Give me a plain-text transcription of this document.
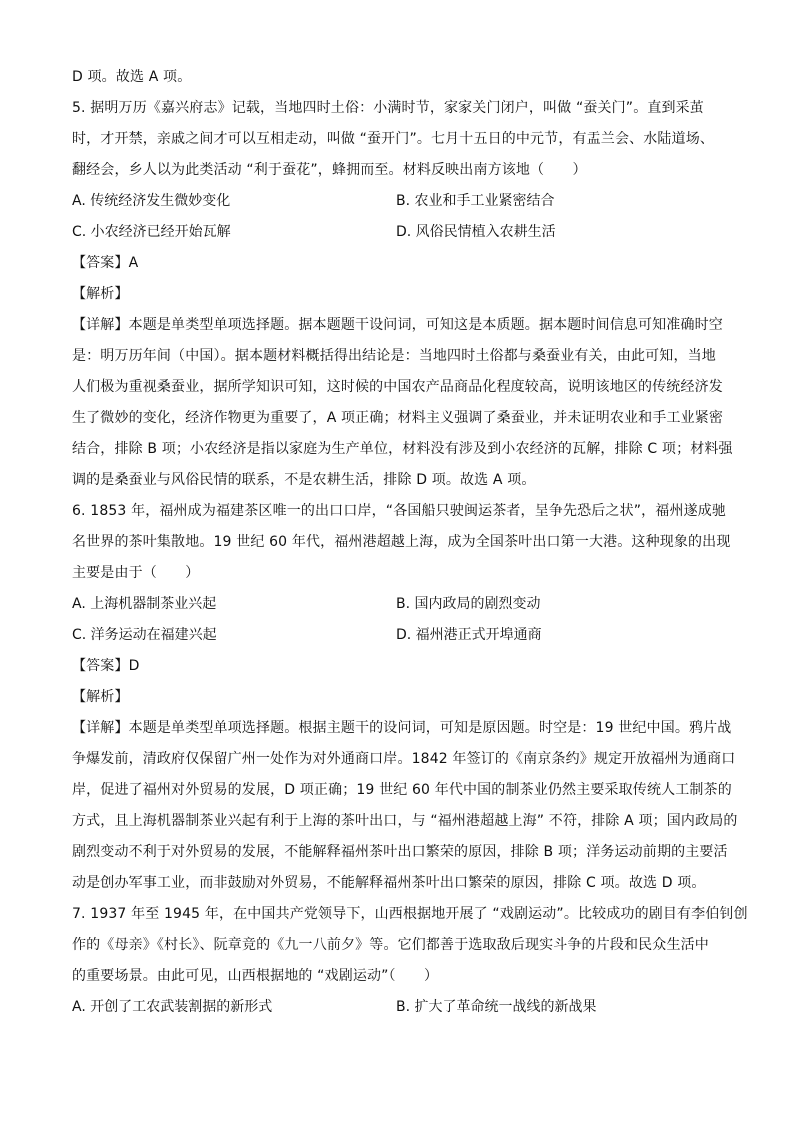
D 项。故选 A 项。
5. 据明万历《嘉兴府志》记载，当地四时土俗：小满时节，家家关门闭户，叫做 “蚕关门”。直到采茧
时，才开禁，亲戚之间才可以互相走动，叫做 “蚕开门”。七月十五日的中元节，有盂兰会、水陆道场、
翻经会，乡人以为此类活动 “利于蚕花”，蜂拥而至。材料反映出南方该地（　　）
A. 传统经济发生微妙变化	B. 农业和手工业紧密结合
C. 小农经济已经开始瓦解	D. 风俗民情植入农耕生活
【答案】A
【解析】
【详解】本题是单类型单项选择题。据本题题干设问词，可知这是本质题。据本题时间信息可知准确时空
是：明万历年间（中国）。据本题材料概括得出结论是：当地四时土俗都与桑蚕业有关，由此可知，当地
人们极为重视桑蚕业，据所学知识可知，这时候的中国农产品商品化程度较高，说明该地区的传统经济发
生了微妙的变化，经济作物更为重要了，A 项正确；材料主义强调了桑蚕业，并未证明农业和手工业紧密
结合，排除 B 项；小农经济是指以家庭为生产单位，材料没有涉及到小农经济的瓦解，排除 C 项；材料强
调的是桑蚕业与风俗民情的联系，不是农耕生活，排除 D 项。故选 A 项。
6. 1853 年，福州成为福建茶区唯一的出口口岸，“各国船只驶闽运茶者，呈争先恐后之状”，福州遂成驰
名世界的茶叶集散地。19 世纪 60 年代，福州港超越上海，成为全国茶叶出口第一大港。这种现象的出现
主要是由于（　　）
A. 上海机器制茶业兴起	B. 国内政局的剧烈变动
C. 洋务运动在福建兴起	D. 福州港正式开埠通商
【答案】D
【解析】
【详解】本题是单类型单项选择题。根据主题干的设问词，可知是原因题。时空是：19 世纪中国。鸦片战
争爆发前，清政府仅保留广州一处作为对外通商口岸。1842 年签订的《南京条约》规定开放福州为通商口
岸，促进了福州对外贸易的发展，D 项正确；19 世纪 60 年代中国的制茶业仍然主要采取传统人工制茶的
方式，且上海机器制茶业兴起有利于上海的茶叶出口，与 “福州港超越上海” 不符，排除 A 项；国内政局的
剧烈变动不利于对外贸易的发展，不能解释福州茶叶出口繁荣的原因，排除 B 项；洋务运动前期的主要活
动是创办军事工业，而非鼓励对外贸易，不能解释福州茶叶出口繁荣的原因，排除 C 项。故选 D 项。
7. 1937 年至 1945 年，在中国共产党领导下，山西根据地开展了 “戏剧运动”。比较成功的剧目有李伯钊创
作的《母亲》《村长》、阮章竞的《九一八前夕》等。它们都善于选取敌后现实斗争的片段和民众生活中
的重要场景。由此可见，山西根据地的 “戏剧运动”（　　）
A. 开创了工农武装割据的新形式	B. 扩大了革命统一战线的新战果
